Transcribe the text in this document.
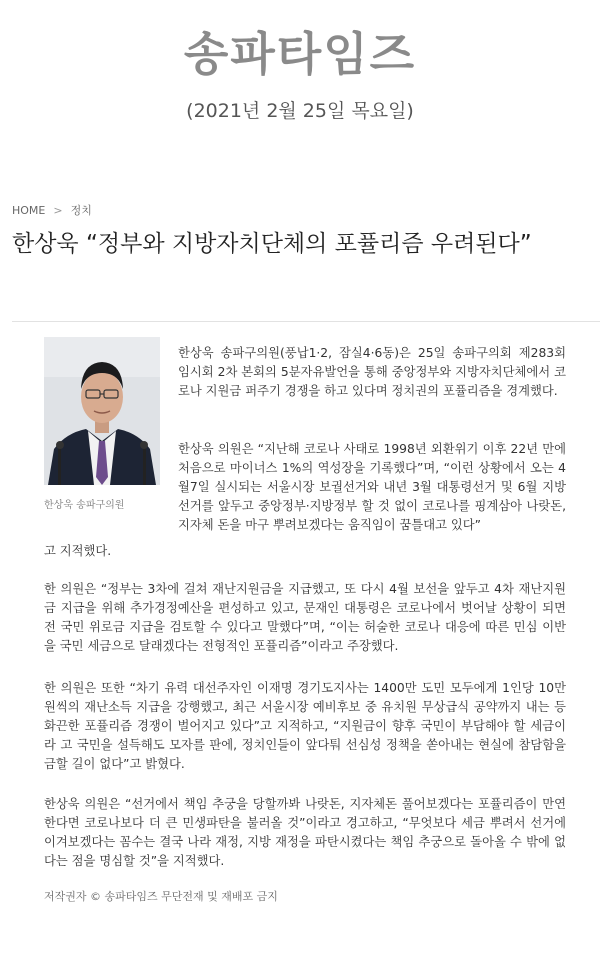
송파타임즈
(2021년 2월 25일 목요일)
HOME > 정치
한상욱 “정부와 지방자치단체의 포퓰리즘 우려된다”
한상욱 송파구의원

한상욱 송파구의원(풍납1·2, 잠실4·6동)은 25일 송파구의회 제283회 임시회 2차 본회의 5분자유발언을 통해 중앙정부와 지방자치단체에서 코로나 지원금 퍼주기 경쟁을 하고 있다며 정치권의 포퓰리즘을 경계했다.

한상욱 의원은 “지난해 코로나 사태로 1998년 외환위기 이후 22년 만에 처음으로 마이너스 1%의 역성장을 기록했다”며, “이런 상황에서 오는 4월7일 실시되는 서울시장 보궐선거와 내년 3월 대통령선거 및 6월 지방선거를 앞두고 중앙정부·지방정부 할 것 없이 코로나를 핑계삼아 나랏돈, 지자체 돈을 마구 뿌려보겠다는 움직임이 꿈틀대고 있다”

고 지적했다.

한 의원은 “정부는 3차에 걸쳐 재난지원금을 지급했고, 또 다시 4월 보선을 앞두고 4차 재난지원금 지급을 위해 추가경정예산을 편성하고 있고, 문재인 대통령은 코로나에서 벗어날 상황이 되면 전 국민 위로금 지급을 검토할 수 있다고 말했다”며, “이는 허술한 코로나 대응에 따른 민심 이반을 국민 세금으로 달래겠다는 전형적인 포퓰리즘”이라고 주장했다.

한 의원은 또한 “차기 유력 대선주자인 이재명 경기도지사는 1400만 도민 모두에게 1인당 10만원씩의 재난소득 지급을 강행했고, 최근 서울시장 예비후보 중 유치원 무상급식 공약까지 내는 등 화끈한 포퓰리즘 경쟁이 벌어지고 있다”고 지적하고, “지원금이 향후 국민이 부담해야 할 세금이라 고 국민을 설득해도 모자를 판에, 정치인들이 앞다퉈 선심성 정책을 쏟아내는 현실에 참담함을 금할 길이 없다”고 밝혔다.

한상욱 의원은 “선거에서 책임 추궁을 당할까봐 나랏돈, 지자체돈 풀어보겠다는 포퓰리즘이 만연한다면 코로나보다 더 큰 민생파탄을 불러올 것”이라고 경고하고, “무엇보다 세금 뿌려서 선거에 이겨보겠다는 꼼수는 결국 나라 재정, 지방 재정을 파탄시켰다는 책임 추궁으로 돌아올 수 밖에 없다는 점을 명심할 것”을 지적했다.

저작권자 © 송파타임즈 무단전재 및 재배포 금지
